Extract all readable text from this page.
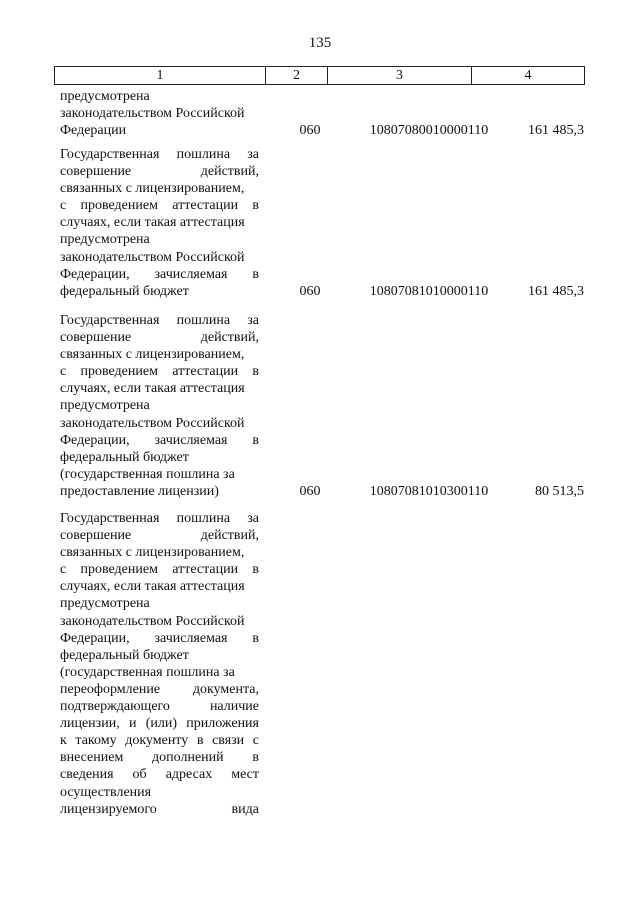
135
1	2	3	4
предусмотрена
законодательством Российской
Федерации	060	10807080010000110	161 485,3
Государственная пошлина за
совершение действий,
связанных с лицензированием,
с проведением аттестации в
случаях, если такая аттестация
предусмотрена
законодательством Российской
Федерации, зачисляемая в
федеральный бюджет	060	10807081010000110	161 485,3
Государственная пошлина за
совершение действий,
связанных с лицензированием,
с проведением аттестации в
случаях, если такая аттестация
предусмотрена
законодательством Российской
Федерации, зачисляемая в
федеральный бюджет
(государственная пошлина за
предоставление лицензии)	060	10807081010300110	80 513,5
Государственная пошлина за
совершение действий,
связанных с лицензированием,
с проведением аттестации в
случаях, если такая аттестация
предусмотрена
законодательством Российской
Федерации, зачисляемая в
федеральный бюджет
(государственная пошлина за
переоформление документа,
подтверждающего наличие
лицензии, и (или) приложения
к такому документу в связи с
внесением дополнений в
сведения об адресах мест
осуществления
лицензируемого вида
